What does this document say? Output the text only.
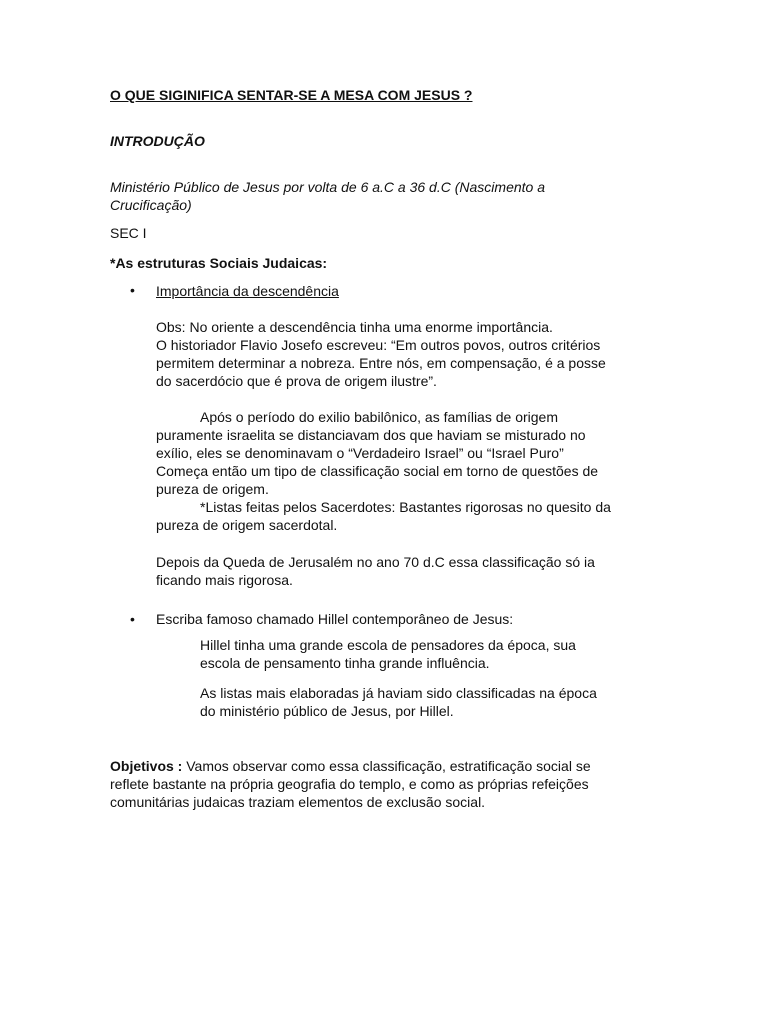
O QUE SIGINIFICA SENTAR-SE A MESA COM JESUS ?

INTRODUÇÃO

Ministério Público de Jesus por volta de 6 a.C a 36 d.C (Nascimento a
Crucificação)

SEC I

*As estruturas Sociais Judaicas:

•	Importância da descendência

Obs: No oriente a descendência tinha uma enorme importância.
O historiador Flavio Josefo escreveu: “Em outros povos, outros critérios
permitem determinar a nobreza. Entre nós, em compensação, é a posse
do sacerdócio que é prova de origem ilustre”.

Após o período do exilio babilônico, as famílias de origem
puramente israelita se distanciavam dos que haviam se misturado no
exílio, eles se denominavam o “Verdadeiro Israel” ou “Israel Puro”
Começa então um tipo de classificação social em torno de questões de
pureza de origem.
*Listas feitas pelos Sacerdotes: Bastantes rigorosas no quesito da
pureza de origem sacerdotal.

Depois da Queda de Jerusalém no ano 70 d.C essa classificação só ia
ficando mais rigorosa.

•	Escriba famoso chamado Hillel contemporâneo de Jesus:

Hillel tinha uma grande escola de pensadores da época, sua
escola de pensamento tinha grande influência.

As listas mais elaboradas já haviam sido classificadas na época
do ministério público de Jesus, por Hillel.

Objetivos : Vamos observar como essa classificação, estratificação social se
reflete bastante na própria geografia do templo, e como as próprias refeições
comunitárias judaicas traziam elementos de exclusão social.
